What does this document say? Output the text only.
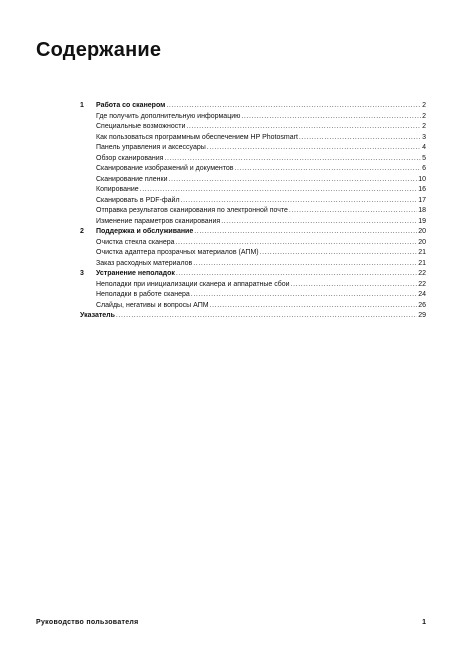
Содержание
1	Работа со сканером .....	2
Где получить дополнительную информацию .....	2
Специальные возможности .....	2
Как пользоваться программным обеспечением HP Photosmart .....	3
Панель управления и аксессуары .....	4
Обзор сканирования .....	5
Сканирование изображений и документов .....	6
Сканирование пленки .....	10
Копирование .....	16
Сканировать в PDF-файл .....	17
Отправка результатов сканирования по электронной почте .....	18
Изменение параметров сканирования .....	19
2	Поддержка и обслуживание .....	20
Очистка стекла сканера .....	20
Очистка адаптера прозрачных материалов (АПМ) .....	21
Заказ расходных материалов .....	21
3	Устранение неполадок .....	22
Неполадки при инициализации сканера и аппаратные сбои .....	22
Неполадки в работе сканера .....	24
Слайды, негативы и вопросы АПМ .....	26
Указатель .....	29
Руководство пользователя	1
